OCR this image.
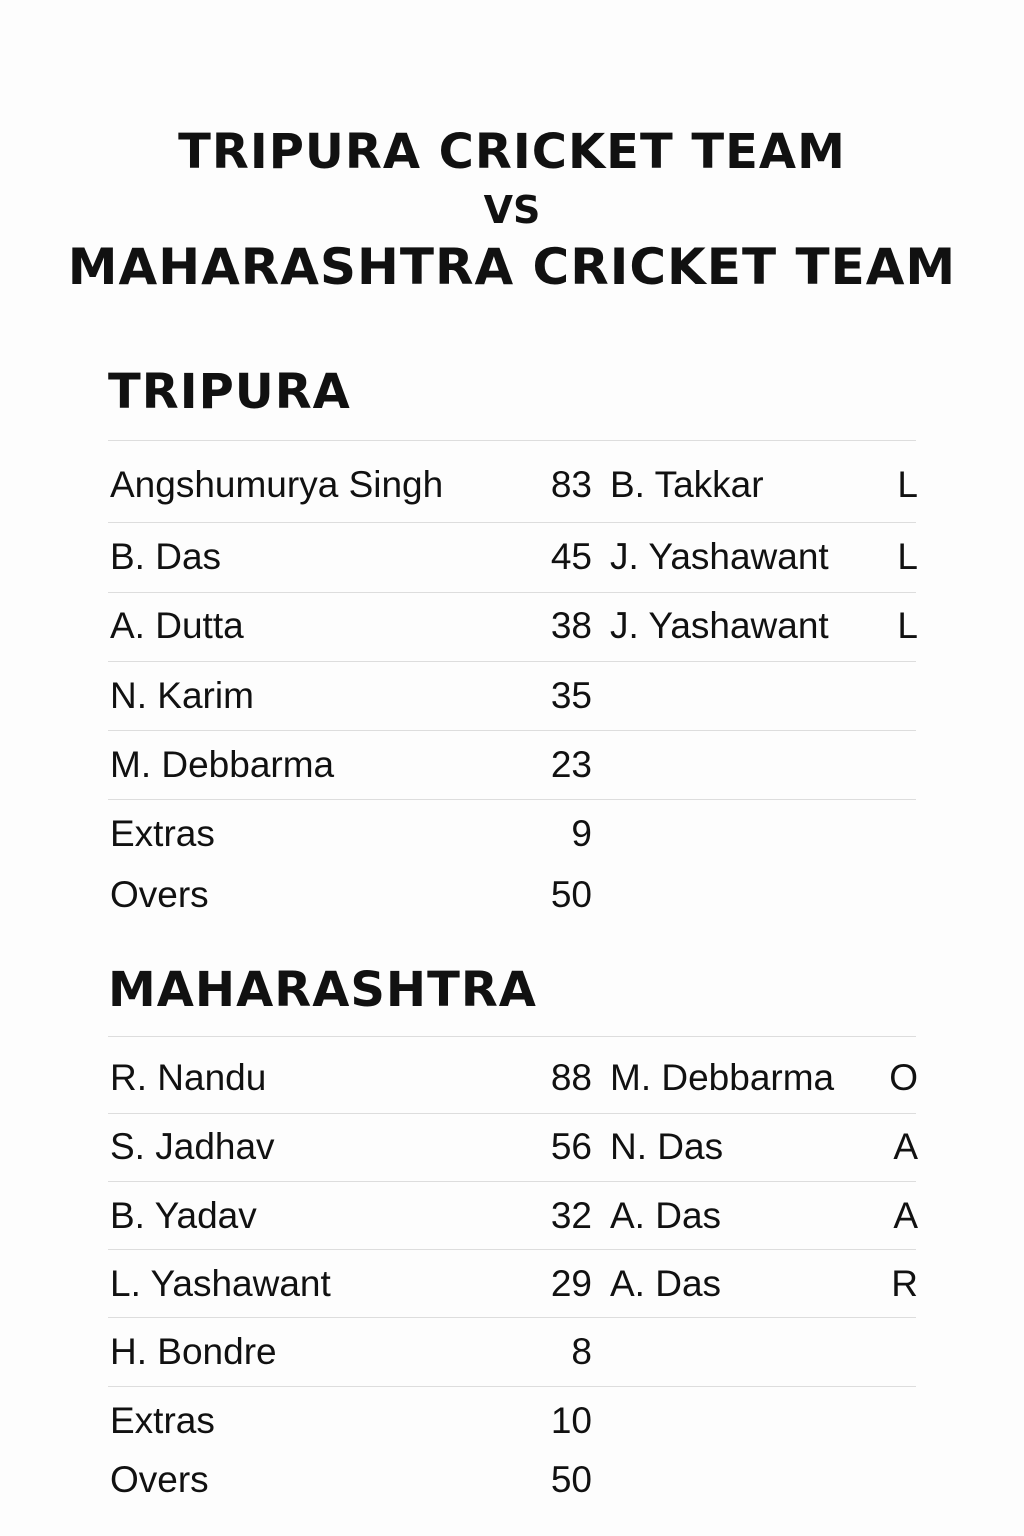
TRIPURA CRICKET TEAM
VS
MAHARASHTRA CRICKET TEAM
TRIPURA
Angshumurya Singh	83 B. Takkar	L
B. Das	45 J. Yashawant	L
A. Dutta	38 J. Yashawant	L
N. Karim	35
M. Debbarma	23
Extras	9
Overs	50
MAHARASHTRA
R. Nandu	88 M. Debbarma	O
S. Jadhav	56 N. Das	A
B. Yadav	32 A. Das	A
L. Yashawant	29 A. Das	R
H. Bondre	8
Extras	10
Overs	50
